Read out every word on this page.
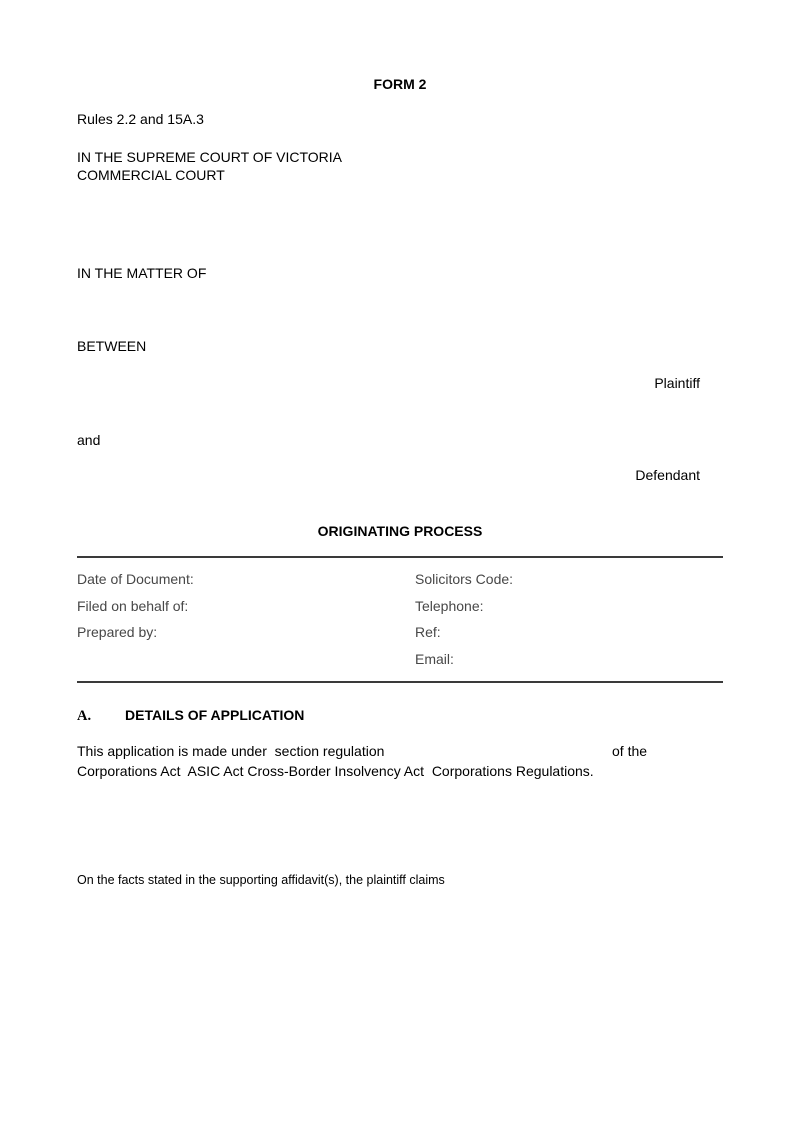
FORM 2
Rules 2.2 and 15A.3
IN THE SUPREME COURT OF VICTORIA
COMMERCIAL COURT
IN THE MATTER OF
BETWEEN
Plaintiff
and
Defendant
ORIGINATING PROCESS
Date of Document:
Filed on behalf of:
Prepared by:
Solicitors Code:
Telephone:
Ref:
Email:
A. DETAILS OF APPLICATION
This application is made under  section regulation	of the
Corporations Act  ASIC Act Cross-Border Insolvency Act  Corporations Regulations.
On the facts stated in the supporting affidavit(s), the plaintiff claims
